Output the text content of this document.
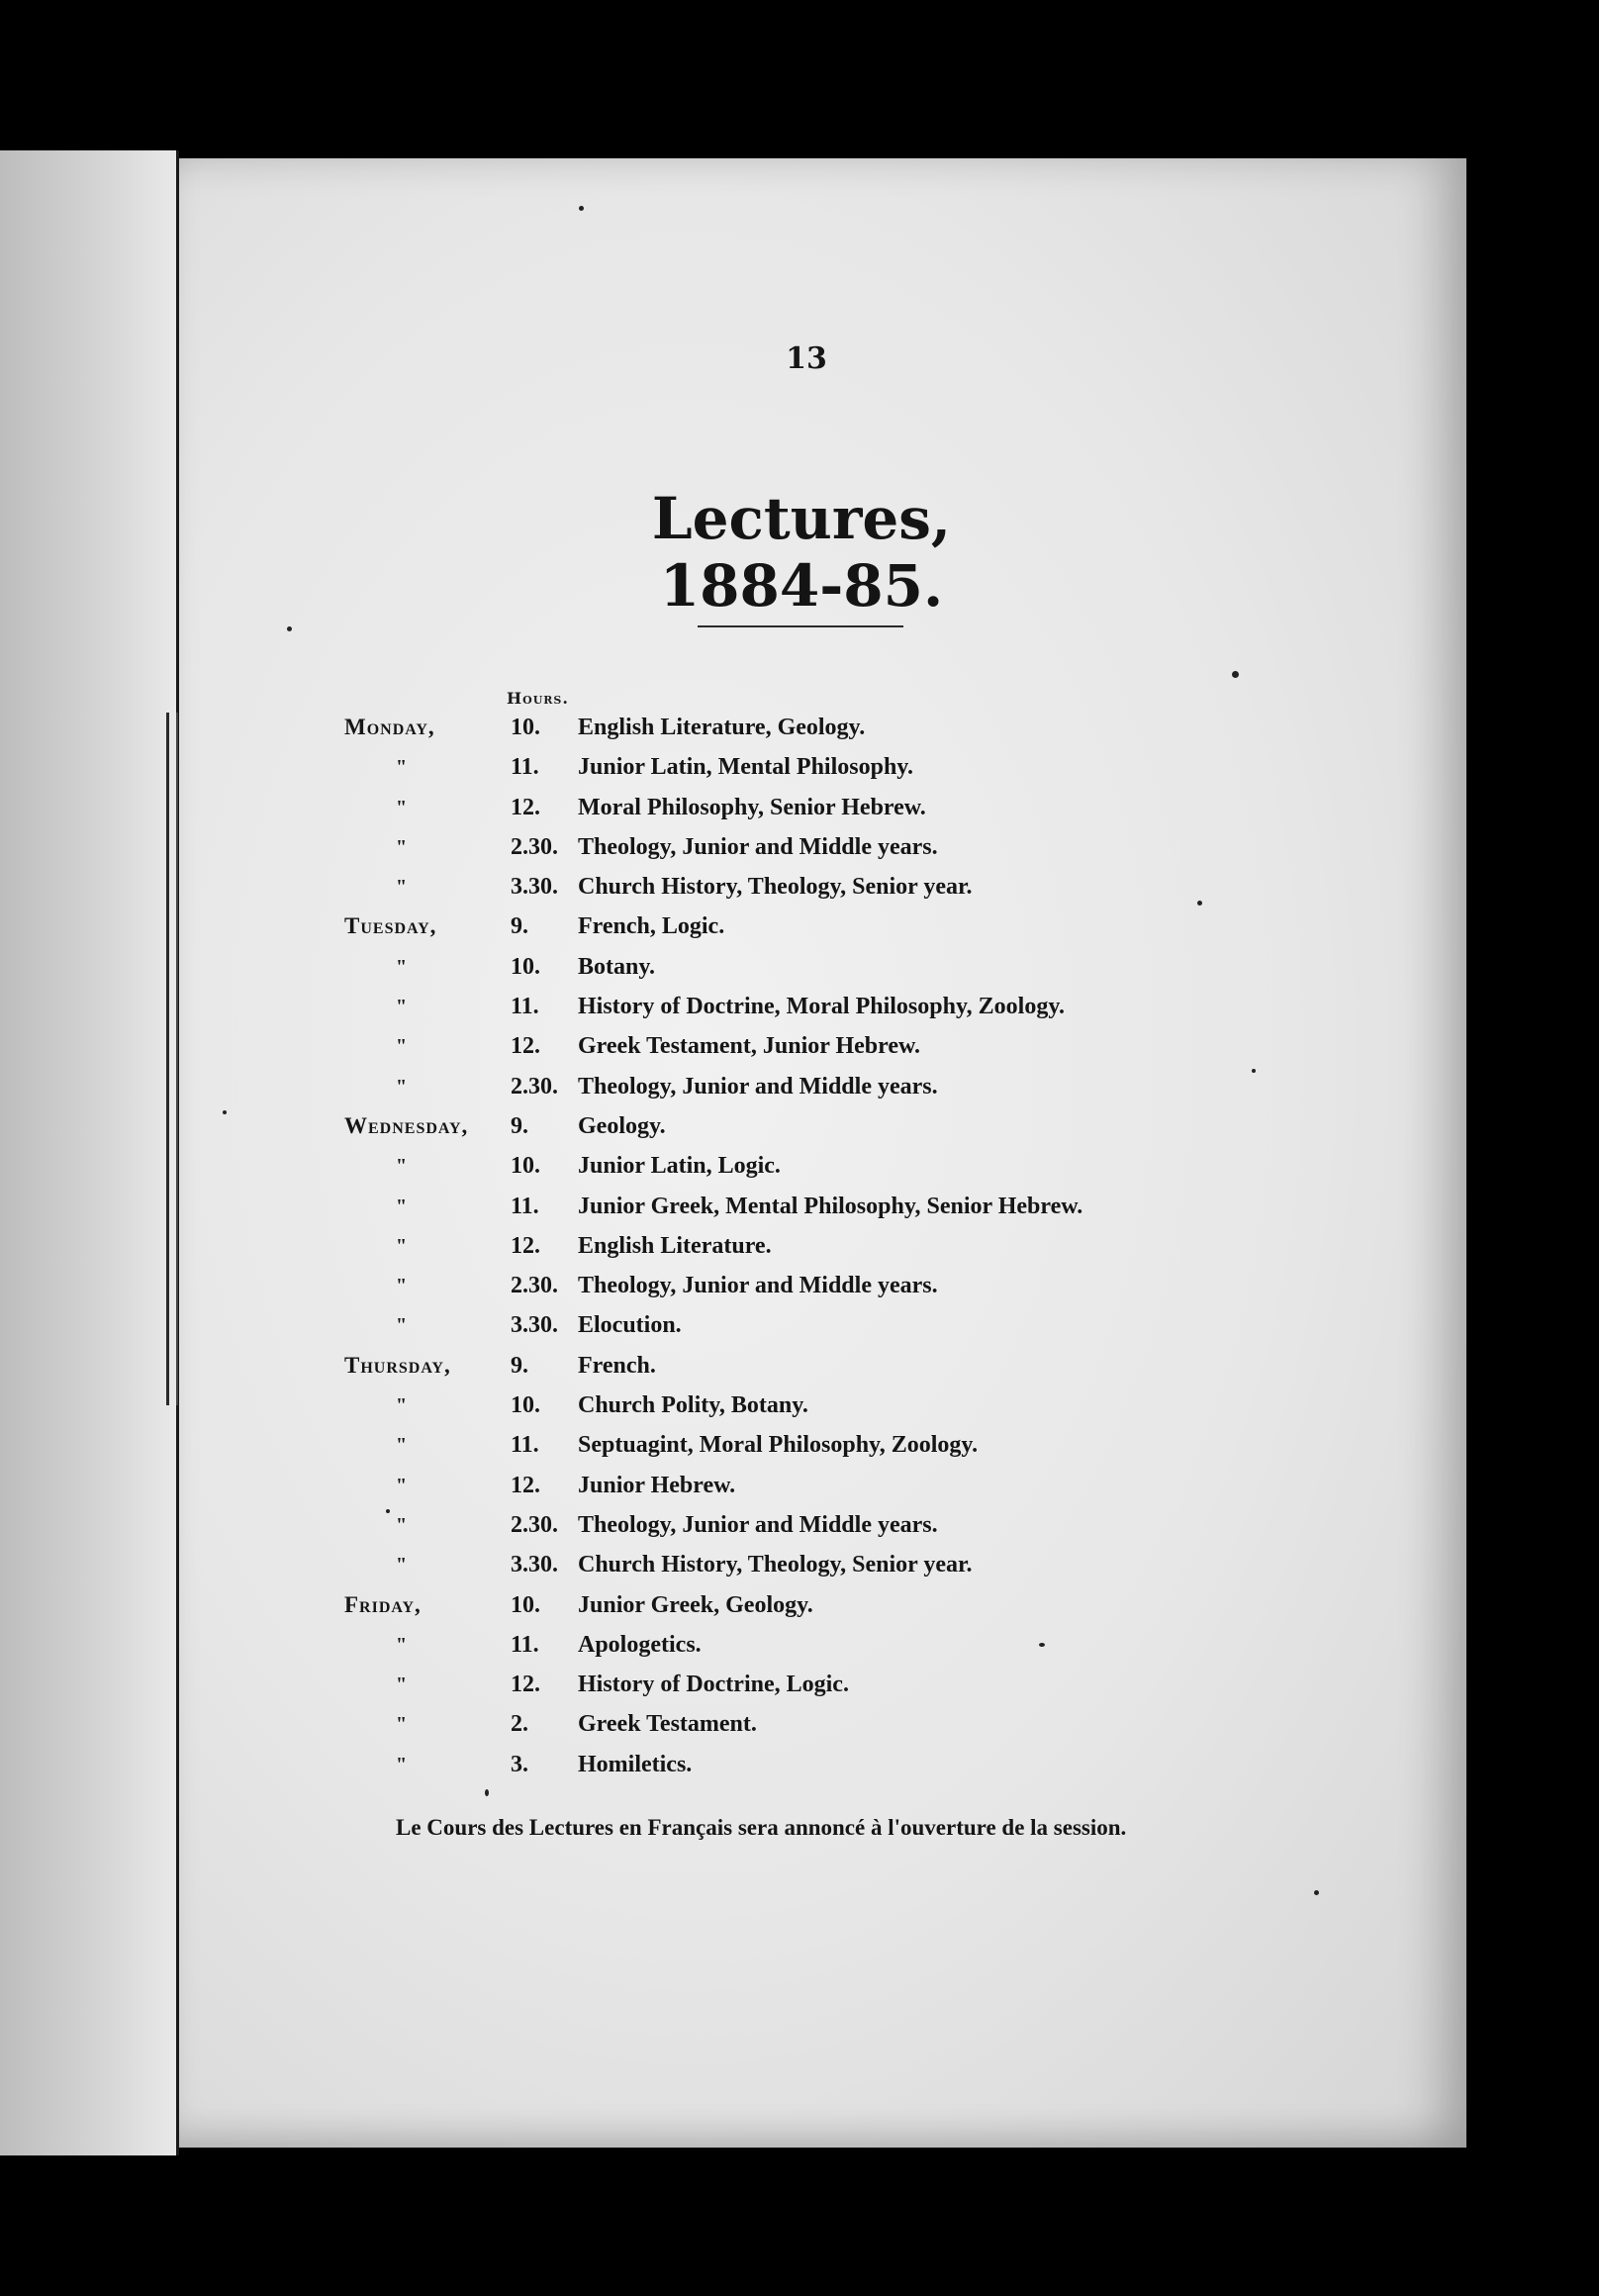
13
Lectures, 1884-85.
Hours.
Monday,	10.	English Literature, Geology.
"	11.	Junior Latin, Mental Philosophy.
"	12.	Moral Philosophy, Senior Hebrew.
"	2.30. Theology, Junior and Middle years.
"	3.30. Church History, Theology, Senior year.
Tuesday,	9.	French, Logic.
"	10.	Botany.
"	11.	History of Doctrine, Moral Philosophy, Zoology.
"	12.	Greek Testament, Junior Hebrew.
"	2.30. Theology, Junior and Middle years.
Wednesday,	9.	Geology.
"	10.	Junior Latin, Logic.
"	11.	Junior Greek, Mental Philosophy, Senior Hebrew.
"	12.	English Literature.
"	2.30. Theology, Junior and Middle years.
"	3.30. Elocution.
Thursday,	9.	French.
"	10.	Church Polity, Botany.
"	11.	Septuagint, Moral Philosophy, Zoology.
"	12.	Junior Hebrew.
"	2.30. Theology, Junior and Middle years.
"	3.30. Church History, Theology, Senior year.
Friday,	10.	Junior Greek, Geology.
"	11.	Apologetics.
"	12.	History of Doctrine, Logic.
"	2.	Greek Testament.
"	3.	Homiletics.
Le Cours des Lectures en Français sera annoncé à l'ouverture de la session.
